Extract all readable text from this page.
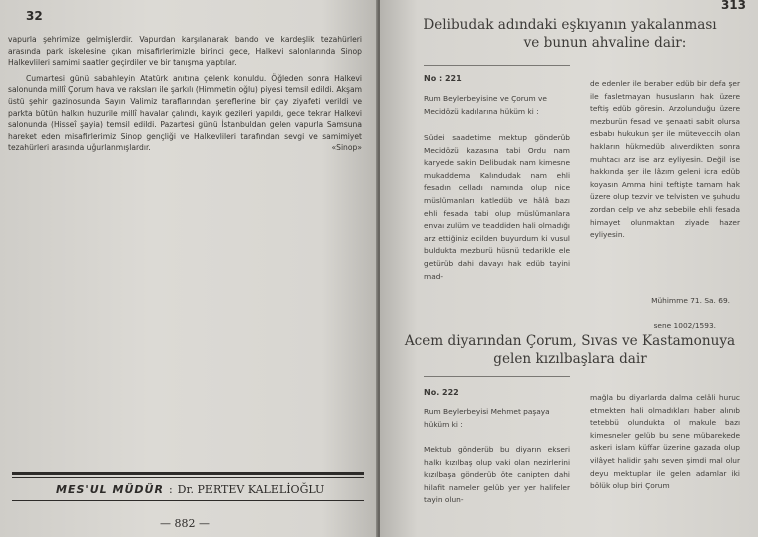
32

vapurla şehrimize gelmişlerdir. Vapurdan karşılanarak bando ve kardeşlik tezahürleri arasında park iskelesine çıkan misafirlerimizle birinci gece, Halkevi salonlarında Sinop Halkevlileri samimi saatler geçirdiler ve bir tanışma yaptılar.

Cumartesi günü sabahleyin Atatürk anıtına çelenk konuldu. Öğleden sonra Halkevi salonunda millî Çorum hava ve raksları ile şarkılı (Himmetin oğlu) piyesi temsil edildi. Akşam üstü şehir gazinosunda Sayın Valimiz taraflarından şereflerine bir çay ziyafeti verildi ve parkta bütün halkın huzurile millî havalar çalındı, kayık gezileri yapıldı, gece tekrar Halkevi salonunda (Hisseî şayia) temsil edildi. Pazartesi günü İstanbuldan gelen vapurla Samsuna hareket eden misafirlerimiz Sinop gençliği ve Halkevlileri tarafından sevgi ve samimiyet tezahürleri arasında uğurlanmışlardır.	«Sinop»

MES'UL MÜDÜR : Dr. PERTEV KALELİOĞLU
— 882 —
313
Delibudak adındaki eşkıyanın yakalanması
ve bunun ahvaline dair:
No : 221
Rum Beylerbeyisine ve Çorum ve Mecidözü kadılarına hüküm ki :
Südei saadetime mektup gönderüb Mecidözü kazasına tabi Ordu nam karyede sakin Delibudak nam kimesne mukaddema Kalındudak nam ehli fesadın celladı namında olup nice müslümanları katledüb ve hâlâ bazı ehli fesada tabi olup müslümanlara envaı zulüm ve teaddiden hali olmadığı arz ettiğiniz ecilden buyurdum ki vusul buldukta mezburü hüsnü tedarikle ele getürüb dahi davayı hak edüb tayini mad-
de edenler ile beraber edüb bir defa şer ile fasletmayan hususların hak üzere teftiş edüb göresin. Arzolunduğu üzere mezburün fesad ve şenaati sabit olursa esbabı hukukun şer ile müteveccih olan hakların hükmedüb alıverdikten sonra muhtacı arz ise arz eyliyesin. Değil ise hakkında şer ile lâzım geleni icra edüb koyasın Amma hini teftişte tamam hak üzere olup tezvir ve telvisten ve şuhudu zordan celp ve ahz sebebile ehli fesada himayet olunmaktan ziyade hazer eyliyesin.

Mühimme 71. Sa. 69.

sene 1002/1593.

Acem diyarından Çorum, Sıvas ve Kastamonuya
gelen kızılbaşlara dair
No. 222
Rum Beylerbeyisi Mehmet paşaya hüküm ki :
Mektub gönderüb bu diyarın ekseri halkı kızılbaş olup vaki olan nezirlerini kızılbaşa gönderüb öte canipten dahi hilafit nameler gelüb yer yer halifeler tayin olun-
mağla bu diyarlarda dalma celâli huruc etmekten hali olmadıkları haber alınıb tetebbü olundukta ol makule bazı kimesneler gelüb bu sene mübarekede askeri islam küffar üzerine gazada olup vilâyet halidir şahı seven şimdi mal olur deyu mektuplar ile gelen adamlar iki bölük olup biri Çorum
